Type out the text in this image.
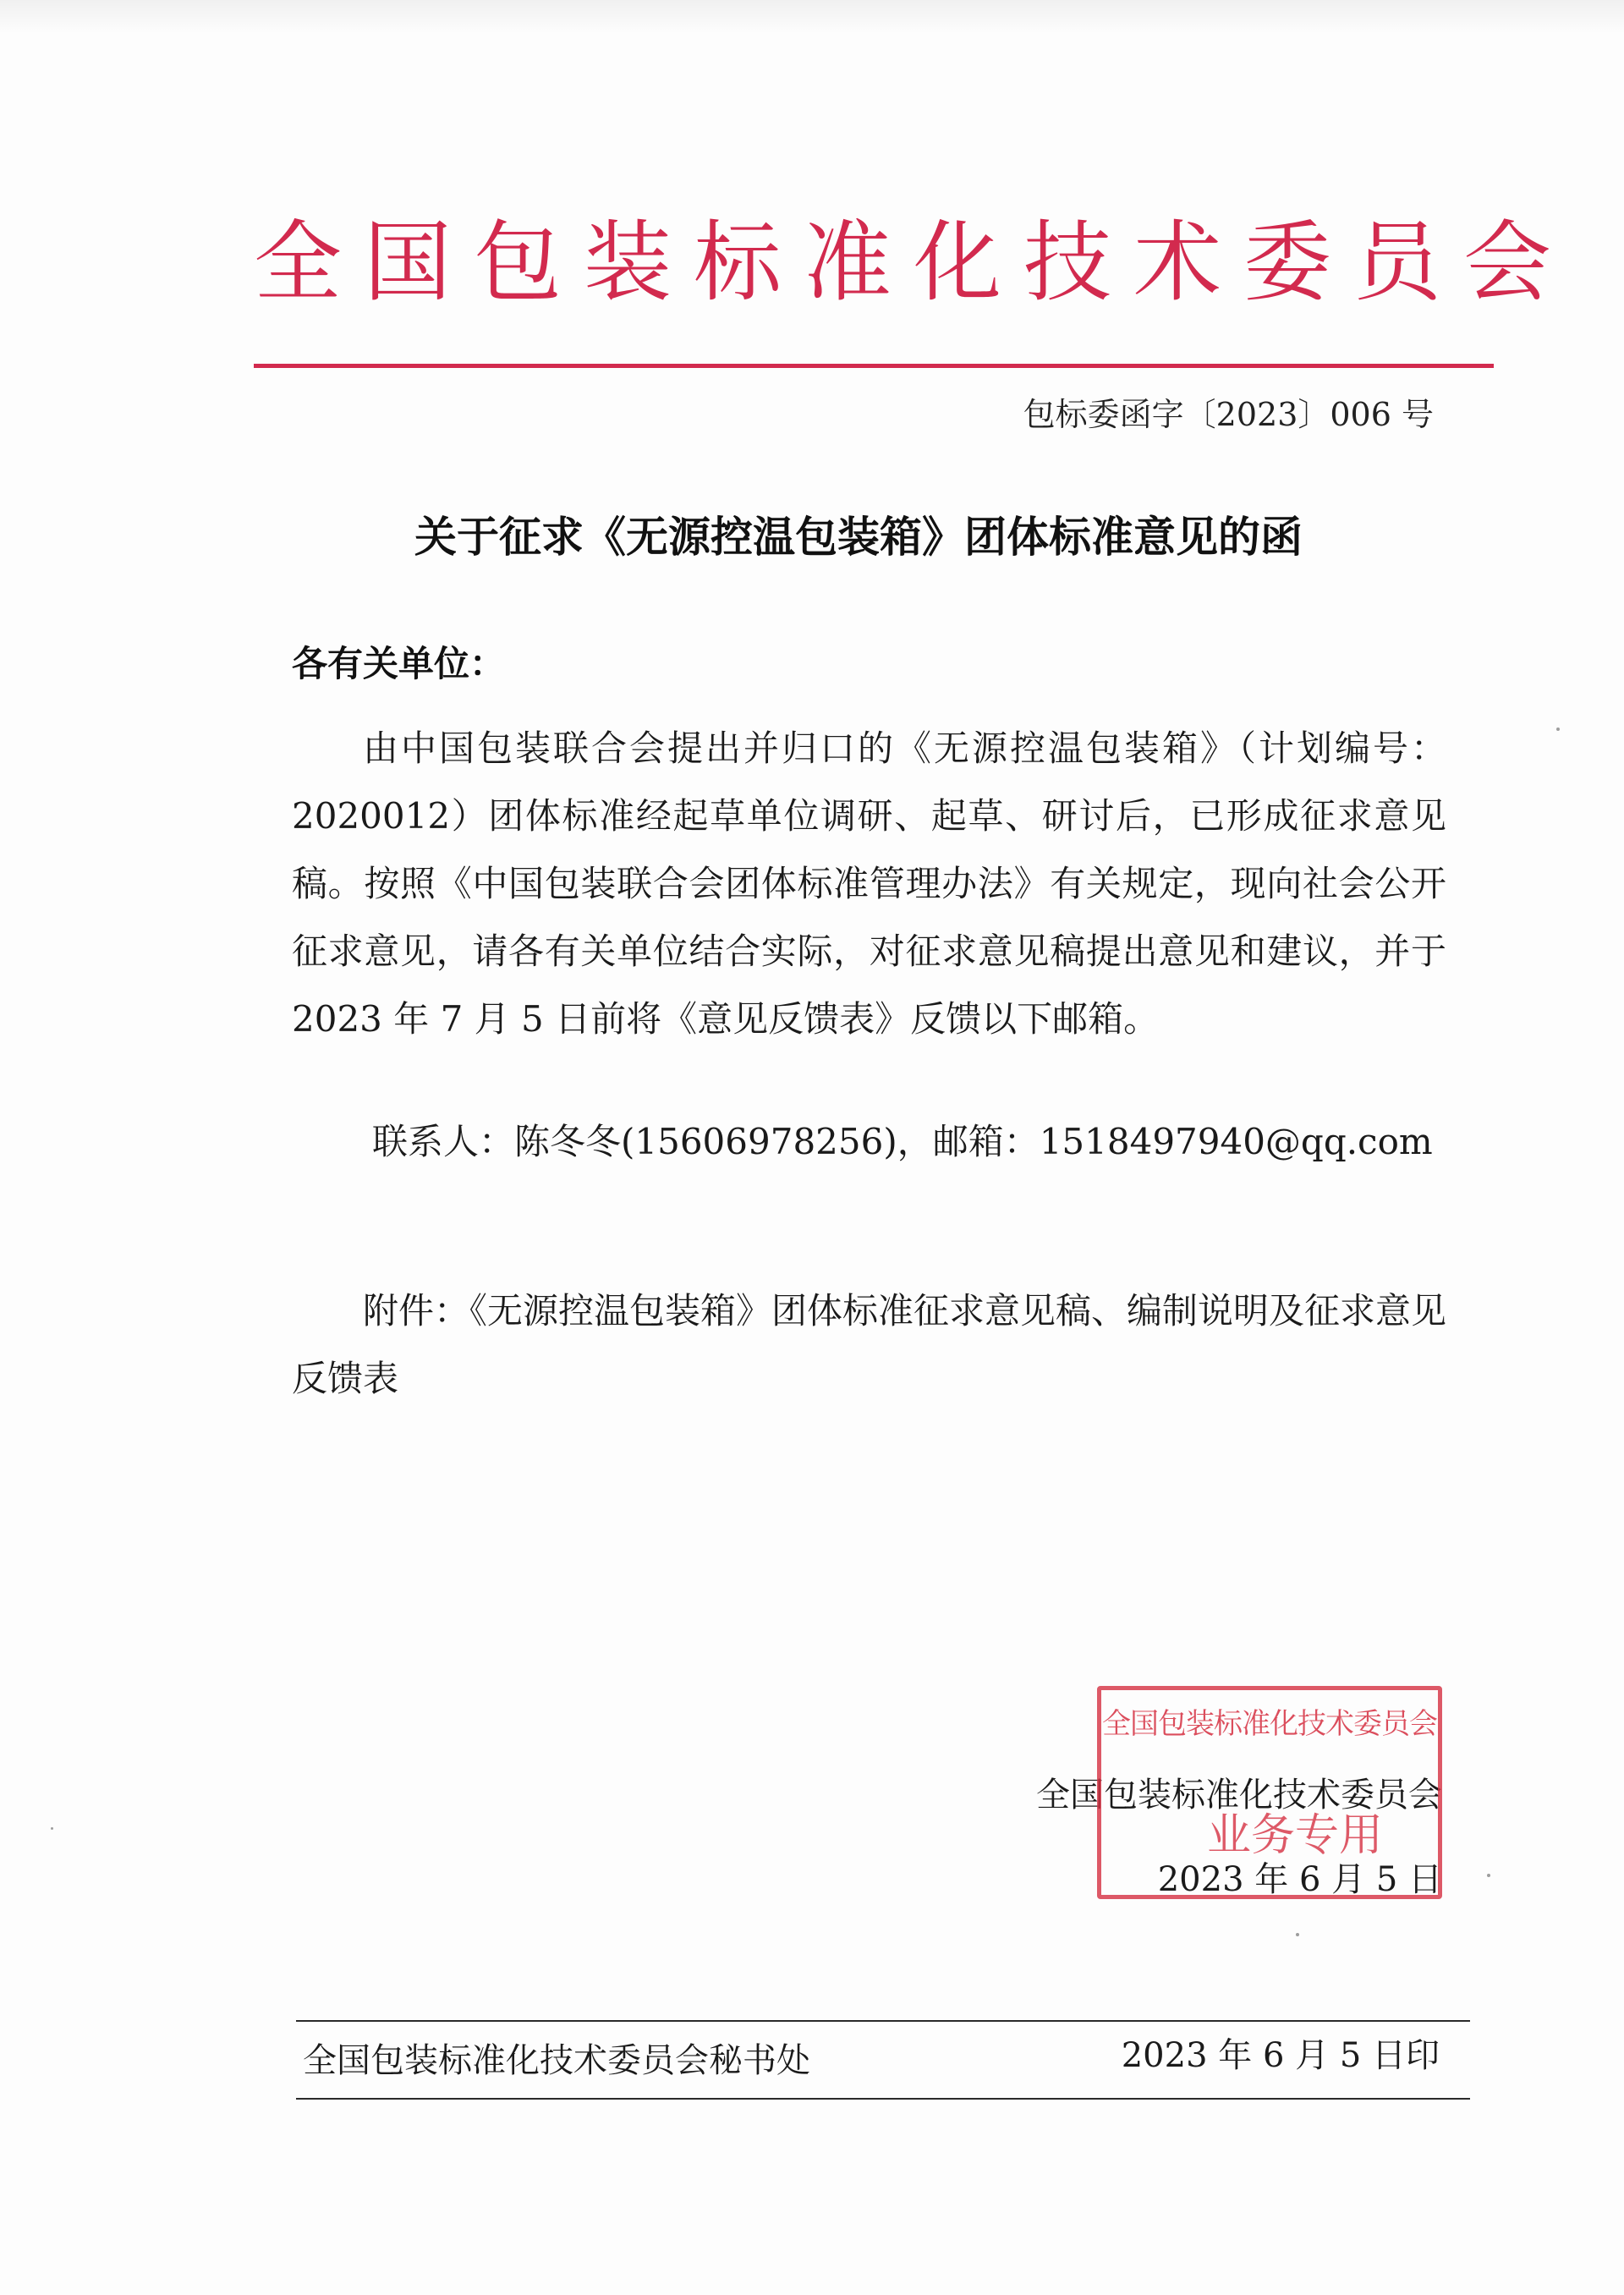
全国包装标准化技术委员会
包标委函字〔2023〕006 号
关于征求《无源控温包装箱》团体标准意见的函
各有关单位：
由中国包装联合会提出并归口的《无源控温包装箱》（计划编号：2020012）团体标准经起草单位调研、起草、研讨后，已形成征求意见稿。按照《中国包装联合会团体标准管理办法》有关规定，现向社会公开征求意见，请各有关单位结合实际，对征求意见稿提出意见和建议，并于 2023 年 7 月 5 日前将《意见反馈表》反馈以下邮箱。
联系人：陈冬冬(15606978256)，邮箱：1518497940@qq.com
附件：《无源控温包装箱》团体标准征求意见稿、编制说明及征求意见反馈表
全国包装标准化技术委员会
2023 年 6 月 5 日
全国包装标准化技术委员会
业务专用
全国包装标准化技术委员会秘书处	2023 年 6 月 5 日印
